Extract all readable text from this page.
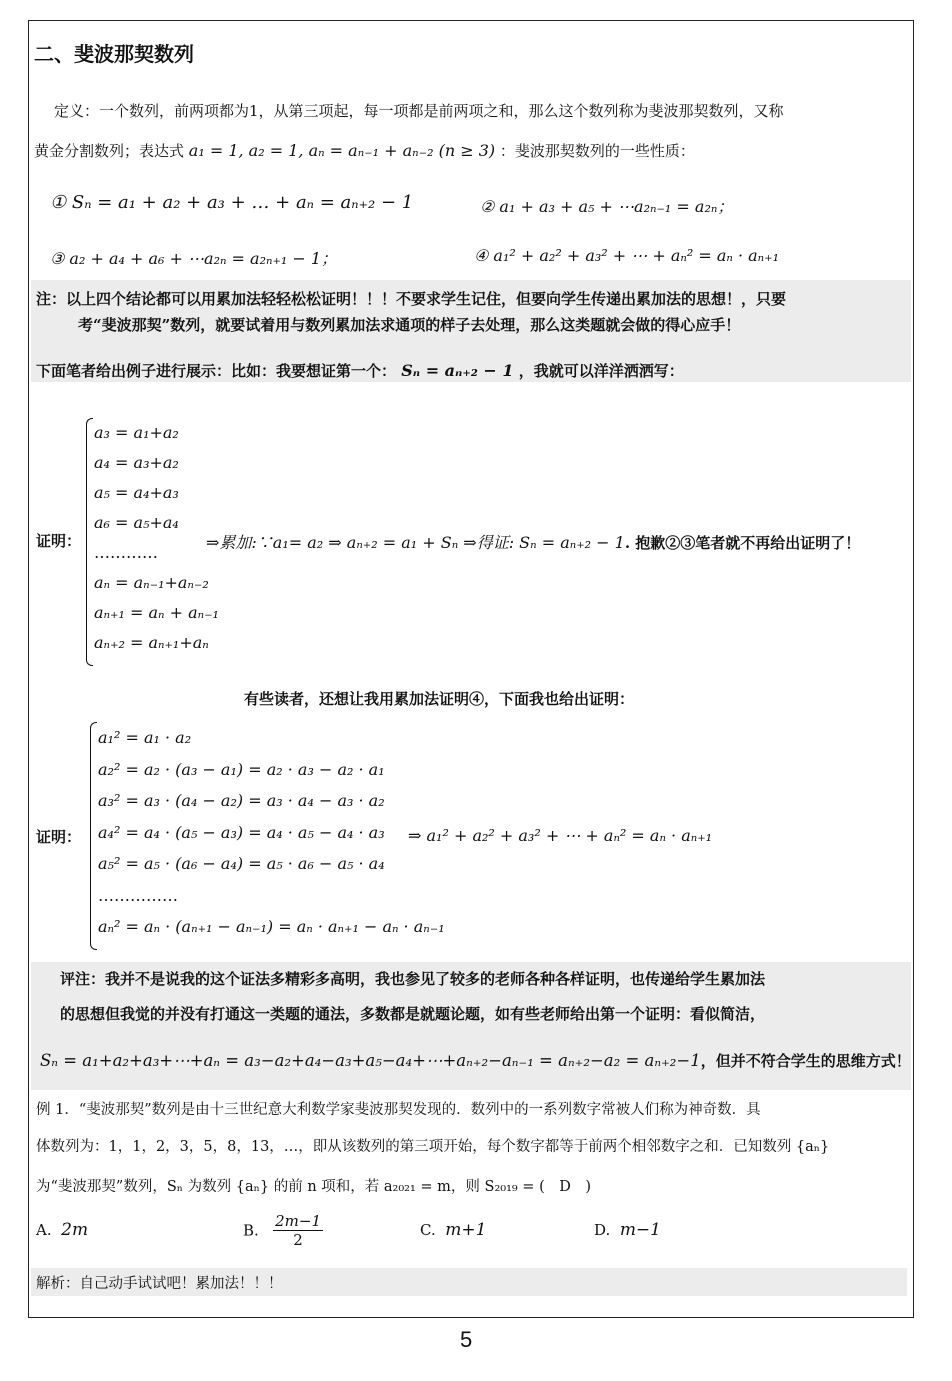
二、斐波那契数列
定义：一个数列，前两项都为1，从第三项起，每一项都是前两项之和，那么这个数列称为斐波那契数列，又称
黄金分割数列；表达式 a₁ = 1, a₂ = 1, aₙ = aₙ₋₁ + aₙ₋₂ (n ≥ 3) ：斐波那契数列的一些性质：
① Sₙ = a₁ + a₂ + a₃ + … + aₙ = aₙ₊₂ − 1	② a₁ + a₃ + a₅ + ⋯a₂ₙ₋₁ = a₂ₙ；
③ a₂ + a₄ + a₆ + ⋯a₂ₙ = a₂ₙ₊₁ − 1；	④ a₁² + a₂² + a₃² + ⋯ + aₙ² = aₙ · aₙ₊₁
注：以上四个结论都可以用累加法轻轻松松证明！！！不要求学生记住，但要向学生传递出累加法的思想！，只要
考“斐波那契”数列，就要试着用与数列累加法求通项的样子去处理，那么这类题就会做的得心应手！
下面笔者给出例子进行展示：比如：我要想证第一个： Sₙ = aₙ₊₂ − 1 ，我就可以洋洋洒洒写：
证明：
a₃ = a₁+a₂
a₄ = a₃+a₂
a₅ = a₄+a₃
a₆ = a₅+a₄
…………
aₙ = aₙ₋₁+aₙ₋₂
aₙ₊₁ = aₙ + aₙ₋₁
aₙ₊₂ = aₙ₊₁+aₙ
⇒累加:∵a₁= a₂ ⇒ aₙ₊₂ = a₁ + Sₙ ⇒得证: Sₙ = aₙ₊₂ − 1. 抱歉②③笔者就不再给出证明了！
有些读者，还想让我用累加法证明④，下面我也给出证明：
证明：
a₁² = a₁ · a₂
a₂² = a₂ · (a₃ − a₁) = a₂ · a₃ − a₂ · a₁
a₃² = a₃ · (a₄ − a₂) = a₃ · a₄ − a₃ · a₂
a₄² = a₄ · (a₅ − a₃) = a₄ · a₅ − a₄ · a₃
a₅² = a₅ · (a₆ − a₄) = a₅ · a₆ − a₅ · a₄
……………
aₙ² = aₙ · (aₙ₊₁ − aₙ₋₁) = aₙ · aₙ₊₁ − aₙ · aₙ₋₁
⇒ a₁² + a₂² + a₃² + ⋯ + aₙ² = aₙ · aₙ₊₁
评注：我并不是说我的这个证法多精彩多高明，我也参见了较多的老师各种各样证明，也传递给学生累加法
的思想但我觉的并没有打通这一类题的通法，多数都是就题论题，如有些老师给出第一个证明：看似简洁，
Sₙ = a₁+a₂+a₃+⋯+aₙ = a₃−a₂+a₄−a₃+a₅−a₄+⋯+aₙ₊₂−aₙ₋₁ = aₙ₊₂−a₂ = aₙ₊₂−1，但并不符合学生的思维方式！
例 1．“斐波那契”数列是由十三世纪意大利数学家斐波那契发现的．数列中的一系列数字常被人们称为神奇数．具
体数列为：1，1，2，3，5，8，13，…，即从该数列的第三项开始，每个数字都等于前两个相邻数字之和．已知数列 {aₙ}
为“斐波那契”数列，Sₙ 为数列 {aₙ} 的前 n 项和，若 a₂₀₂₁ = m，则 S₂₀₁₉ = (　D　)
A. 2m	B. $\frac{2m-1}{2}$	C. m+1	D. m−1
解析：自己动手试试吧！累加法！！！
5
